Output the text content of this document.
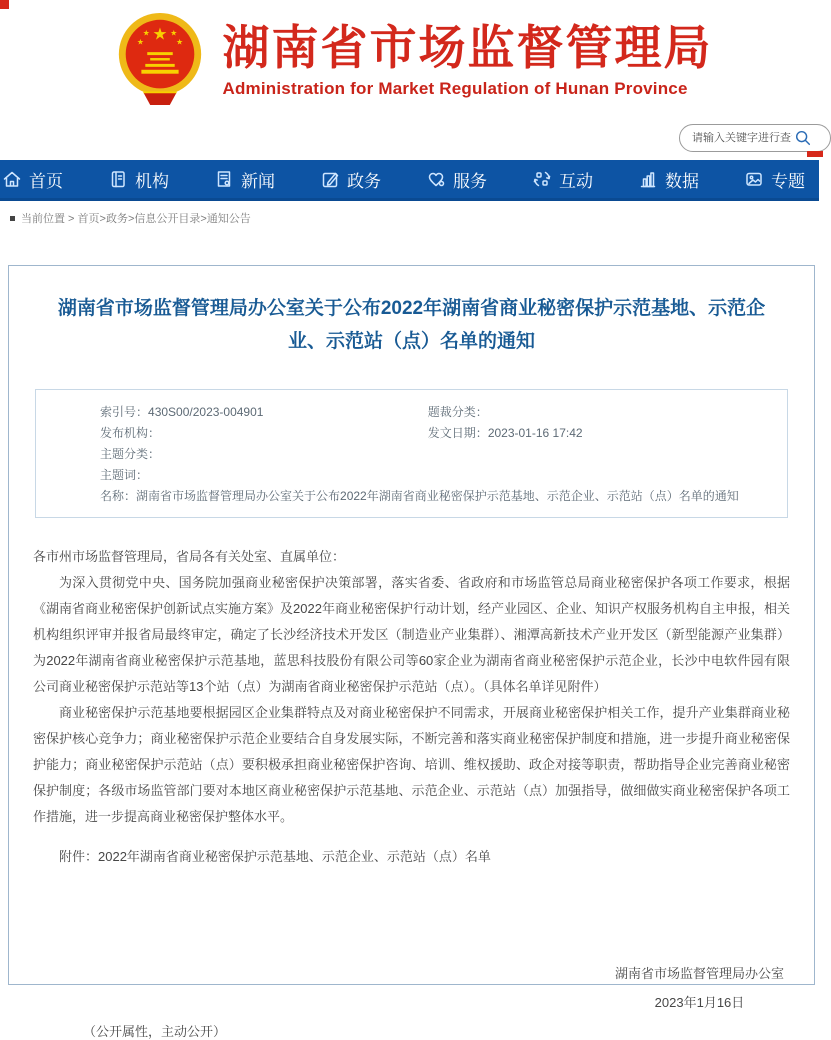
★
★	★
★	★ 湖南省市场监督管理局
Administration for Market Regulation of Hunan Province
请输入关键字进行查询
首页	机构	新闻	政务	服务	互动	数据	专题
当前位置 > 首页>政务>信息公开目录>通知公告
湖南省市场监督管理局办公室关于公布2022年湖南省商业秘密保护示范基地、示范企业、示范站（点）名单的通知
索引号：430S00/2023-004901	题裁分类：
发布机构：	发文日期：2023-01-16 17:42
主题分类：
主题词：
名称：湖南省市场监督管理局办公室关于公布2022年湖南省商业秘密保护示范基地、示范企业、示范站（点）名单的通知

各市州市场监督管理局，省局各有关处室、直属单位：

为深入贯彻党中央、国务院加强商业秘密保护决策部署，落实省委、省政府和市场监管总局商业秘密保护各项工作要求，根据《湖南省商业秘密保护创新试点实施方案》及2022年商业秘密保护行动计划，经产业园区、企业、知识产权服务机构自主申报，相关机构组织评审并报省局最终审定，确定了长沙经济技术开发区（制造业产业集群）、湘潭高新技术产业开发区（新型能源产业集群）为2022年湖南省商业秘密保护示范基地，蓝思科技股份有限公司等60家企业为湖南省商业秘密保护示范企业，长沙中电软件园有限公司商业秘密保护示范站等13个站（点）为湖南省商业秘密保护示范站（点）。（具体名单详见附件）

商业秘密保护示范基地要根据园区企业集群特点及对商业秘密保护不同需求，开展商业秘密保护相关工作，提升产业集群商业秘密保护核心竞争力；商业秘密保护示范企业要结合自身发展实际，不断完善和落实商业秘密保护制度和措施，进一步提升商业秘密保护能力；商业秘密保护示范站（点）要积极承担商业秘密保护咨询、培训、维权援助、政企对接等职责，帮助指导企业完善商业秘密保护制度；各级市场监管部门要对本地区商业秘密保护示范基地、示范企业、示范站（点）加强指导，做细做实商业秘密保护各项工作措施，进一步提高商业秘密保护整体水平。

附件：2022年湖南省商业秘密保护示范基地、示范企业、示范站（点）名单
湖南省市场监督管理局办公室
2023年1月16日
（公开属性，主动公开）
